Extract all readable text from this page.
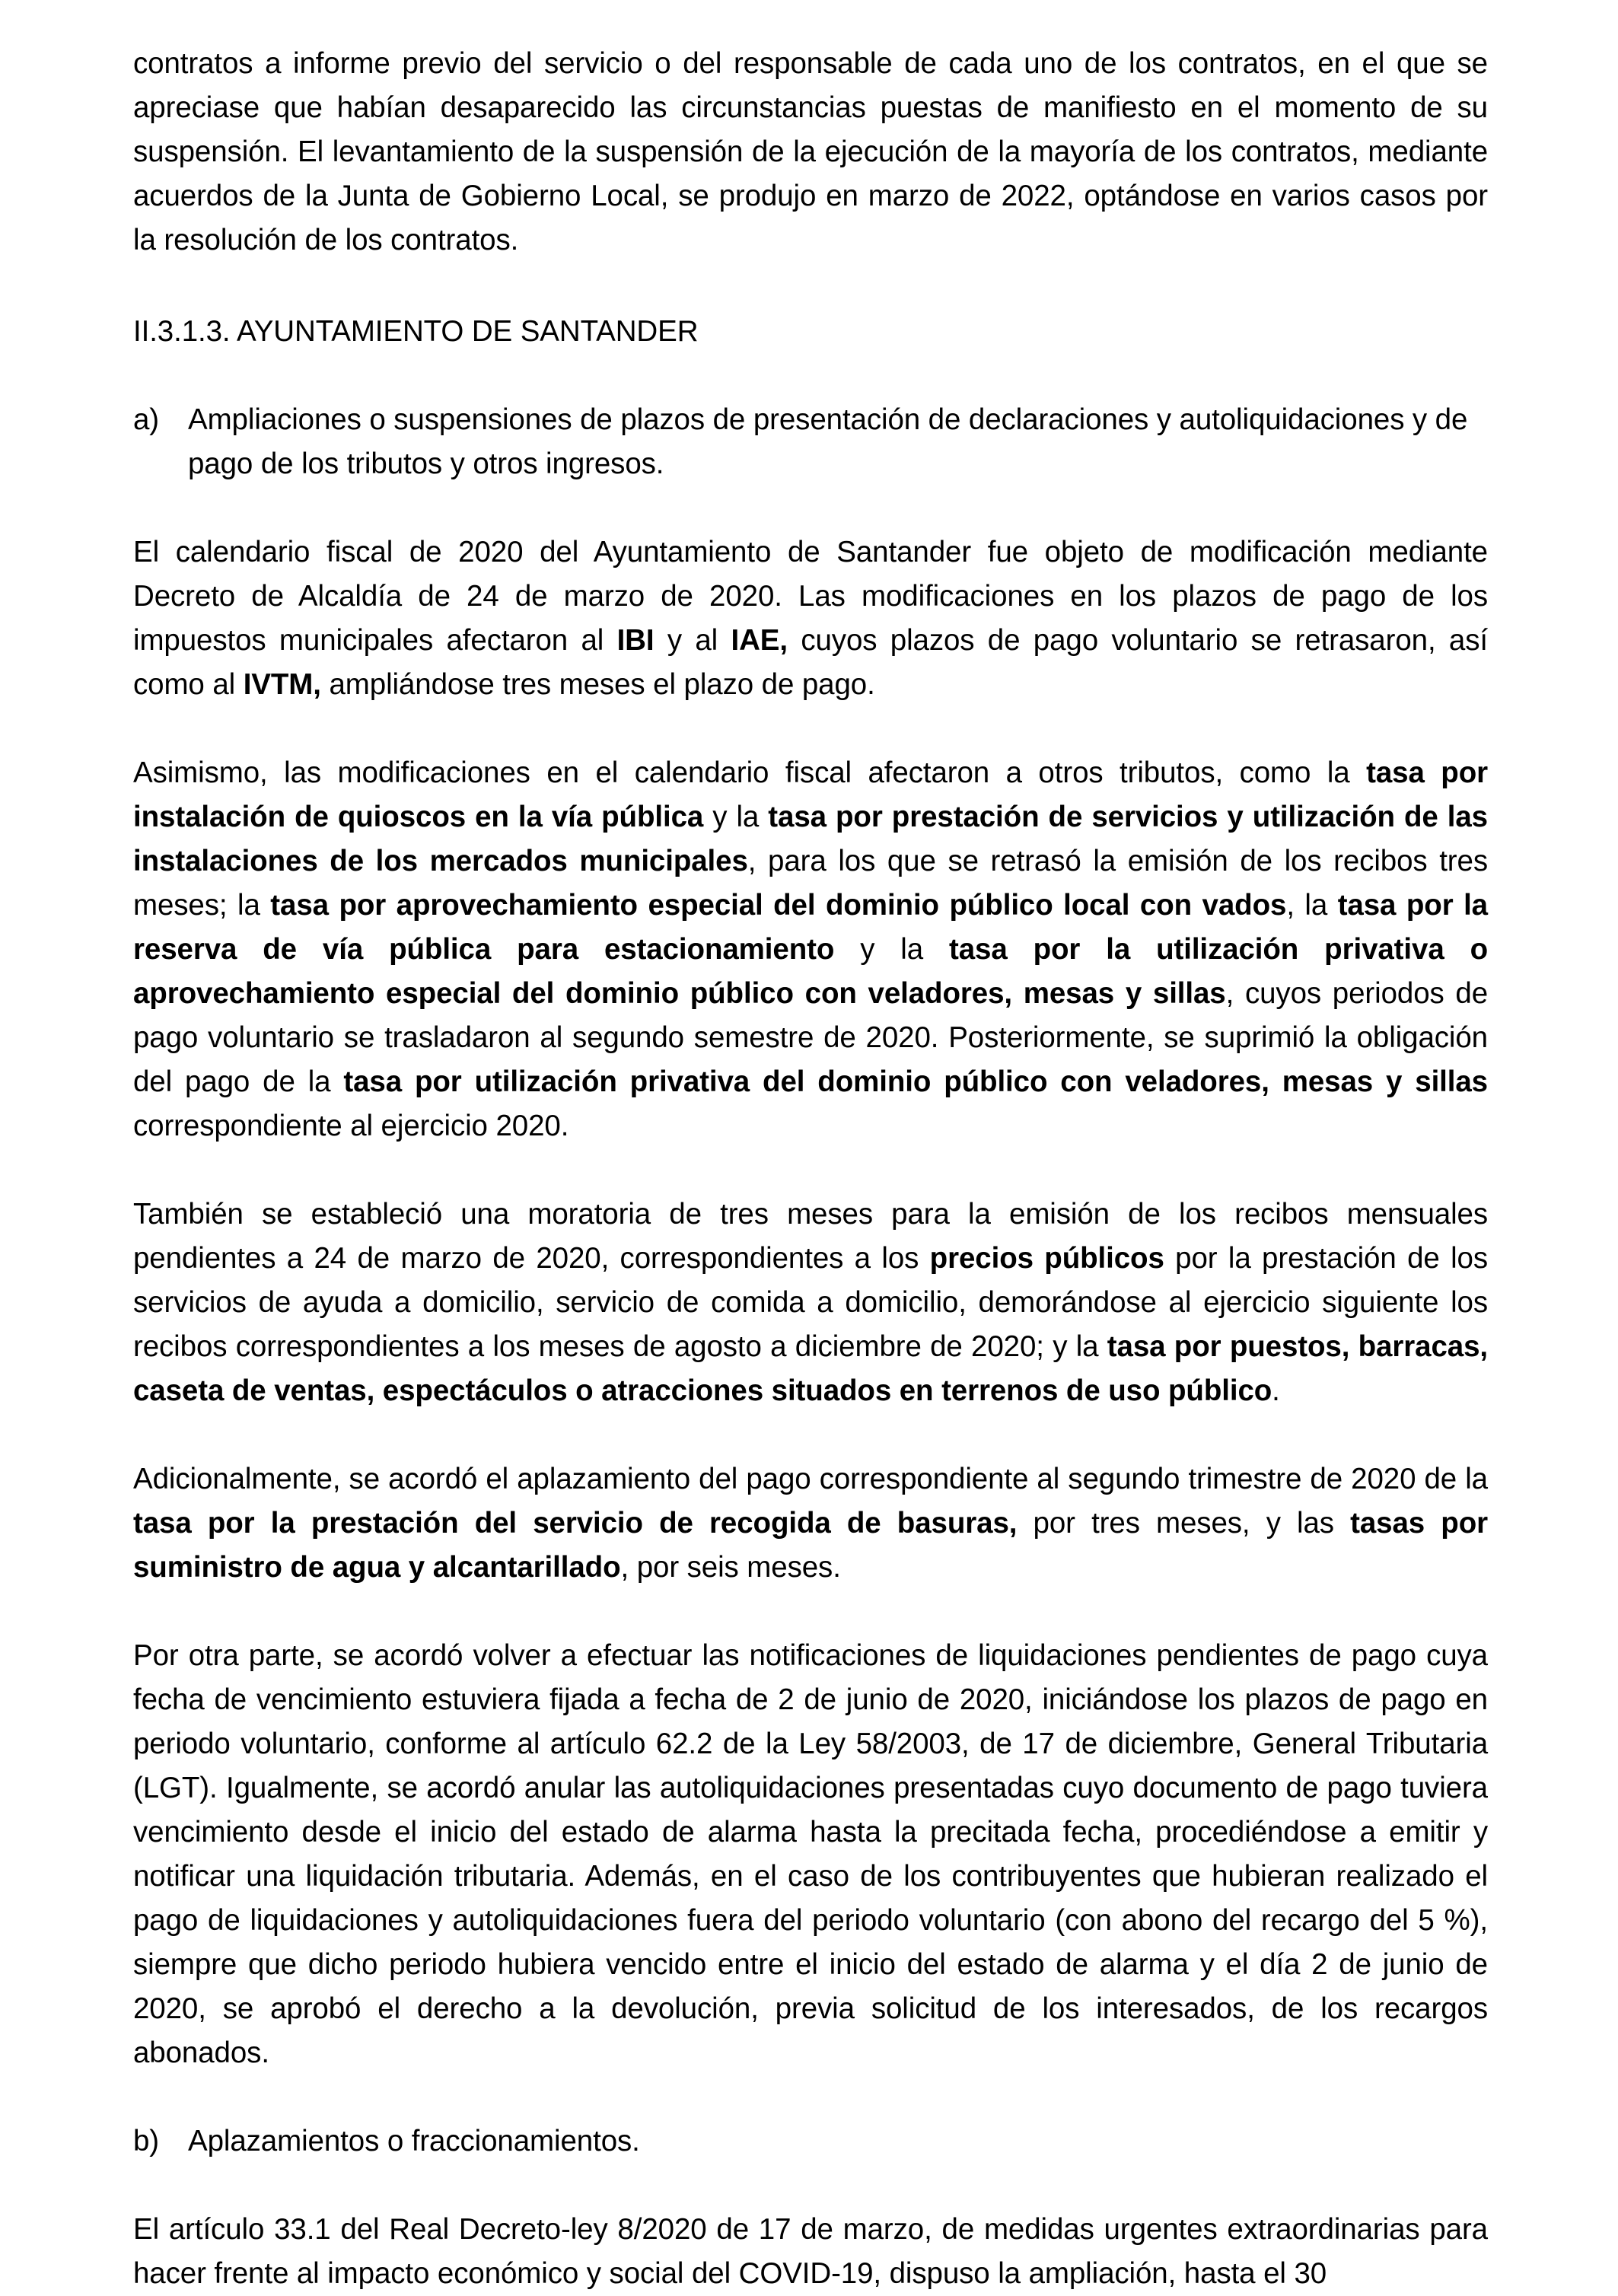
contratos a informe previo del servicio o del responsable de cada uno de los contratos, en el que se apreciase que habían desaparecido las circunstancias puestas de manifiesto en el momento de su suspensión. El levantamiento de la suspensión de la ejecución de la mayoría de los contratos, mediante acuerdos de la Junta de Gobierno Local, se produjo en marzo de 2022, optándose en varios casos por la resolución de los contratos.

II.3.1.3. AYUNTAMIENTO DE SANTANDER
a) Ampliaciones o suspensiones de plazos de presentación de declaraciones y autoliquidaciones y de pago de los tributos y otros ingresos.

El calendario fiscal de 2020 del Ayuntamiento de Santander fue objeto de modificación mediante Decreto de Alcaldía de 24 de marzo de 2020. Las modificaciones en los plazos de pago de los impuestos municipales afectaron al IBI y al IAE, cuyos plazos de pago voluntario se retrasaron, así como al IVTM, ampliándose tres meses el plazo de pago.

Asimismo, las modificaciones en el calendario fiscal afectaron a otros tributos, como la tasa por instalación de quioscos en la vía pública y la tasa por prestación de servicios y utilización de las instalaciones de los mercados municipales, para los que se retrasó la emisión de los recibos tres meses; la tasa por aprovechamiento especial del dominio público local con vados, la tasa por la reserva de vía pública para estacionamiento y la tasa por la utilización privativa o aprovechamiento especial del dominio público con veladores, mesas y sillas, cuyos periodos de pago voluntario se trasladaron al segundo semestre de 2020. Posteriormente, se suprimió la obligación del pago de la tasa por utilización privativa del dominio público con veladores, mesas y sillas correspondiente al ejercicio 2020.

También se estableció una moratoria de tres meses para la emisión de los recibos mensuales pendientes a 24 de marzo de 2020, correspondientes a los precios públicos por la prestación de los servicios de ayuda a domicilio, servicio de comida a domicilio, demorándose al ejercicio siguiente los recibos correspondientes a los meses de agosto a diciembre de 2020; y la tasa por puestos, barracas, caseta de ventas, espectáculos o atracciones situados en terrenos de uso público.

Adicionalmente, se acordó el aplazamiento del pago correspondiente al segundo trimestre de 2020 de la tasa por la prestación del servicio de recogida de basuras, por tres meses, y las tasas por suministro de agua y alcantarillado, por seis meses.

Por otra parte, se acordó volver a efectuar las notificaciones de liquidaciones pendientes de pago cuya fecha de vencimiento estuviera fijada a fecha de 2 de junio de 2020, iniciándose los plazos de pago en periodo voluntario, conforme al artículo 62.2 de la Ley 58/2003, de 17 de diciembre, General Tributaria (LGT). Igualmente, se acordó anular las autoliquidaciones presentadas cuyo documento de pago tuviera vencimiento desde el inicio del estado de alarma hasta la precitada fecha, procediéndose a emitir y notificar una liquidación tributaria. Además, en el caso de los contribuyentes que hubieran realizado el pago de liquidaciones y autoliquidaciones fuera del periodo voluntario (con abono del recargo del 5 %), siempre que dicho periodo hubiera vencido entre el inicio del estado de alarma y el día 2 de junio de 2020, se aprobó el derecho a la devolución, previa solicitud de los interesados, de los recargos abonados.

b) Aplazamientos o fraccionamientos.

El artículo 33.1 del Real Decreto-ley 8/2020 de 17 de marzo, de medidas urgentes extraordinarias para hacer frente al impacto económico y social del COVID-19, dispuso la ampliación, hasta el 30
